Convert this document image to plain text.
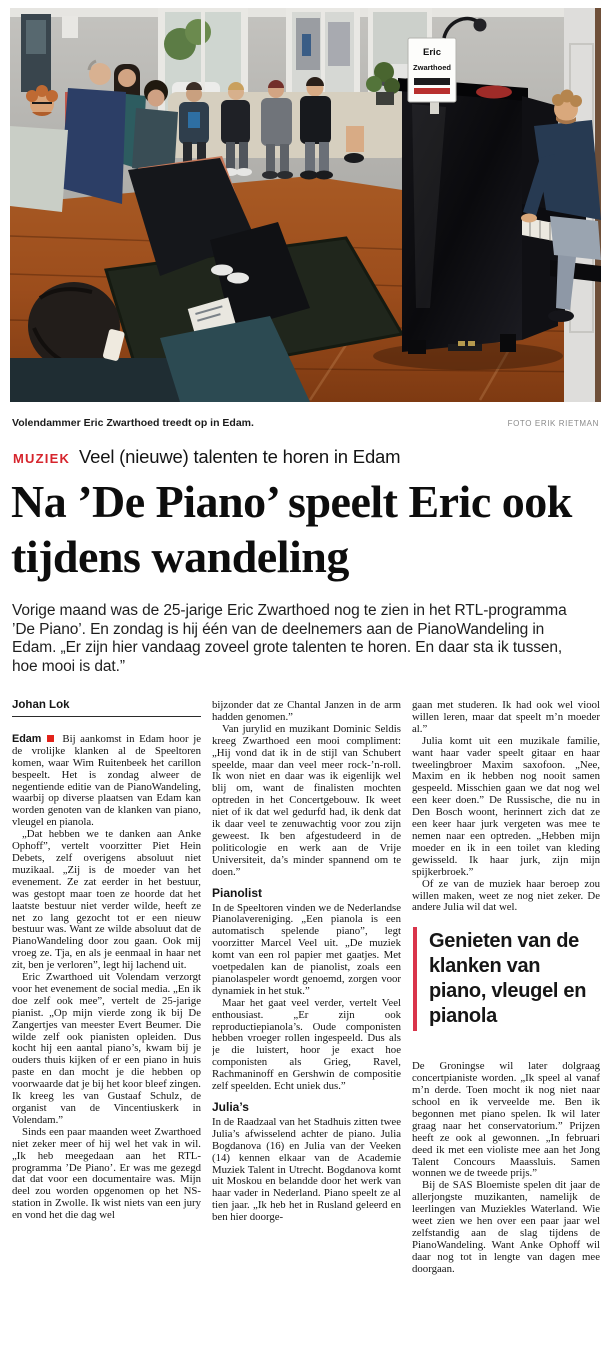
Eric
Zwarthoed
Volendammer Eric Zwarthoed treedt op in Edam.	FOTO ERIK RIETMAN
MUZIEK Veel (nieuwe) talenten te horen in Edam
Na ’De Piano’ speelt Eric ook tijdens wandeling

Vorige maand was de 25-jarige Eric Zwarthoed nog te zien in het RTL-programma ’De Piano’. En zondag is hij één van de deelnemers aan de PianoWandeling in Edam. „Er zijn hier vandaag zoveel grote talenten te horen. En daar sta ik tussen, hoe mooi is dat.”

Johan Lok

Edam Bij aankomst in Edam hoor je de vrolijke klanken al de Speeltoren komen, waar Wim Ruitenbeek het carillon bespeelt. Het is zondag alweer de negentiende editie van de PianoWandeling, waarbij op diverse plaatsen van Edam kan worden genoten van de klanken van piano, vleugel en pianola.

„Dat hebben we te danken aan Anke Ophoff”, vertelt voorzitter Piet Hein Debets, zelf overigens absoluut niet muzikaal. „Zij is de moeder van het evenement. Ze zat eerder in het bestuur, was gestopt maar toen ze hoorde dat het laatste bestuur niet verder wilde, heeft ze net zo lang gezocht tot er een nieuw bestuur was. Want ze wilde absoluut dat de PianoWandeling door zou gaan. Ook mij vroeg ze. Tja, en als je eenmaal in haar net zit, ben je verloren”, legt hij lachend uit.

Eric Zwarthoed uit Volendam verzorgt voor het evenement de social media. „En ik doe zelf ook mee”, vertelt de 25-jarige pianist. „Op mijn vierde zong ik bij De Zangertjes van meester Evert Beumer. Die wilde zelf ook pianisten opleiden. Dus kocht hij een aantal piano’s, kwam bij je ouders thuis kijken of er een piano in huis paste en dan mocht je die hebben op voorwaarde dat je bij het koor bleef zingen. Ik kreeg les van Gustaaf Schulz, de organist van de Vincentiuskerk in Volendam.”

Sinds een paar maanden weet Zwarthoed niet zeker meer of hij wel het vak in wil. „Ik heb meegedaan aan het RTL-programma ’De Piano’. Er was me gezegd dat dat voor een documentaire was. Mijn deel zou worden opgenomen op het NS-station in Zwolle. Ik wist niets van een jury en vond het die dag wel

bijzonder dat ze Chantal Janzen in de arm hadden genomen.”

Van jurylid en muzikant Dominic Seldis kreeg Zwarthoed een mooi compliment: „Hij vond dat ik in de stijl van Schubert speelde, maar dan veel meer rock-’n-roll. Ik won niet en daar was ik eigenlijk wel blij om, want de finalisten mochten optreden in het Concertgebouw. Ik weet niet of ik dat wel gedurfd had, ik denk dat ik daar veel te zenuwachtig voor zou zijn geweest. Ik ben afgestudeerd in de politicologie en werk aan de Vrije Universiteit, da’s minder spannend om te doen.”

Pianolist

In de Speeltoren vinden we de Nederlandse Pianolavereniging. „Een pianola is een automatisch spelende piano”, legt voorzitter Marcel Veel uit. „De muziek komt van een rol papier met gaatjes. Met voetpedalen kan de pianolist, zoals een pianolaspeler wordt genoemd, zorgen voor dynamiek in het stuk.”

Maar het gaat veel verder, vertelt Veel enthousiast. „Er zijn ook reproductiepianola’s. Oude componisten hebben vroeger rollen ingespeeld. Dus als je die luistert, hoor je exact hoe componisten als Grieg, Ravel, Rachmaninoff en Gershwin de compositie zelf speelden. Echt uniek dus.”

Julia’s

In de Raadzaal van het Stadhuis zitten twee Julia’s afwisselend achter de piano. Julia Bogdanova (16) en Julia van der Veeken (14) kennen elkaar van de Academie Muziek Talent in Utrecht. Bogdanova komt uit Moskou en belandde door het werk van haar vader in Nederland. Piano speelt ze al tien jaar. „Ik heb het in Rusland geleerd en ben hier doorge-

gaan met studeren. Ik had ook wel viool willen leren, maar dat speelt m’n moeder al.”

Julia komt uit een muzikale familie, want haar vader speelt gitaar en haar tweelingbroer Maxim saxofoon. „Nee, Maxim en ik hebben nog nooit samen gespeeld. Misschien gaan we dat nog wel een keer doen.” De Russische, die nu in Den Bosch woont, herinnert zich dat ze een keer haar jurk vergeten was mee te nemen naar een optreden. „Hebben mijn moeder en ik in een toilet van kleding gewisseld. Ik haar jurk, zijn mijn spijkerbroek.”

Of ze van de muziek haar beroep zou willen maken, weet ze nog niet zeker. De andere Julia wil dat wel.

Genieten van de klanken van piano, vleugel en pianola

De Groningse wil later dolgraag concertpianiste worden. „Ik speel al vanaf m’n derde. Toen mocht ik nog niet naar school en ik verveelde me. Ben ik begonnen met piano spelen. Ik wil later graag naar het conservatorium.” Prijzen heeft ze ook al gewonnen. „In februari deed ik met een violiste mee aan het Jong Talent Concours Maassluis. Samen wonnen we de tweede prijs.”

Bij de SAS Bloemiste spelen dit jaar de allerjongste muzikanten, namelijk de leerlingen van Muziekles Waterland. Wie weet zien we hen over een paar jaar wel zelfstandig aan de slag tijdens de PianoWandeling. Want Anke Ophoff wil daar nog tot in lengte van dagen mee doorgaan.
